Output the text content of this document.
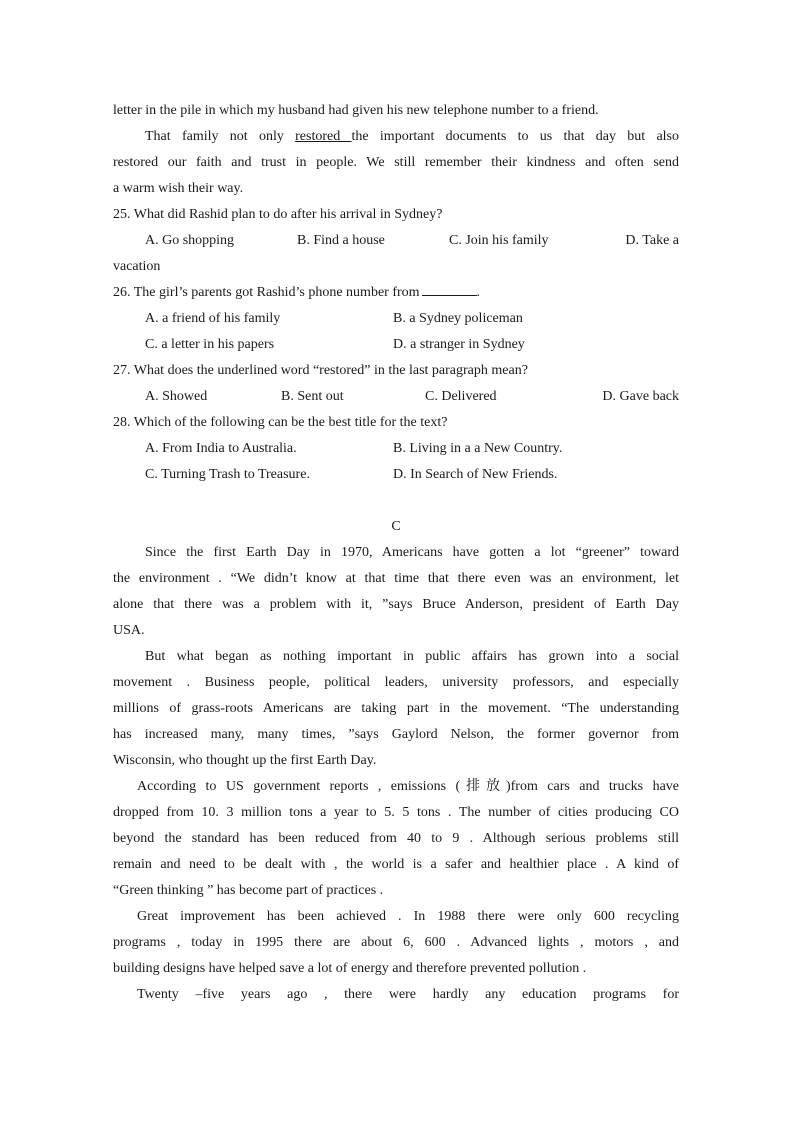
letter in the pile in which my husband had given his new telephone number to a friend.
That family not only restored the important documents to us that day but also
restored our faith and trust in people. We still remember their kindness and often send
a warm wish their way.
25. What did Rashid plan to do after his arrival in Sydney?
A. Go shopping	B. Find a house	C. Join his family	D. Take a
vacation
26. The girl’s parents got Rashid’s phone number from	.
A. a friend of his family	B. a Sydney policeman
C. a letter in his papers	D. a stranger in Sydney
27. What does the underlined word “restored” in the last paragraph mean?
A. Showed	B. Sent out	C. Delivered	D. Gave back
28. Which of the following can be the best title for the text?
A. From India to Australia.	B. Living in a a New Country.
C. Turning Trash to Treasure.	D. In Search of New Friends.
C
Since the first Earth Day in 1970, Americans have gotten a lot “greener” toward
the environment . “We didn’t know at that time that there even was an environment, let
alone that there was a problem with it, ”says Bruce Anderson, president of Earth Day
USA.
But what began as nothing important in public affairs has grown into a social
movement . Business people, political leaders, university professors, and especially
millions of grass-roots Americans are taking part in the movement. “The understanding
has increased many, many times, ”says Gaylord Nelson, the former governor from
Wisconsin, who thought up the first Earth Day.
According to US government reports , emissions (排放)from cars and trucks have
dropped from 10. 3 million tons a year to 5. 5 tons . The number of cities producing CO
beyond the standard has been reduced from 40 to 9 . Although serious problems still
remain and need to be dealt with , the world is a safer and healthier place . A kind of
“Green thinking ” has become part of practices .
Great improvement has been achieved . In 1988 there were only 600 recycling
programs , today in 1995 there are about 6, 600 . Advanced lights , motors , and
building designs have helped save a lot of energy and therefore prevented pollution .
Twenty –five years ago , there were hardly any education programs for
